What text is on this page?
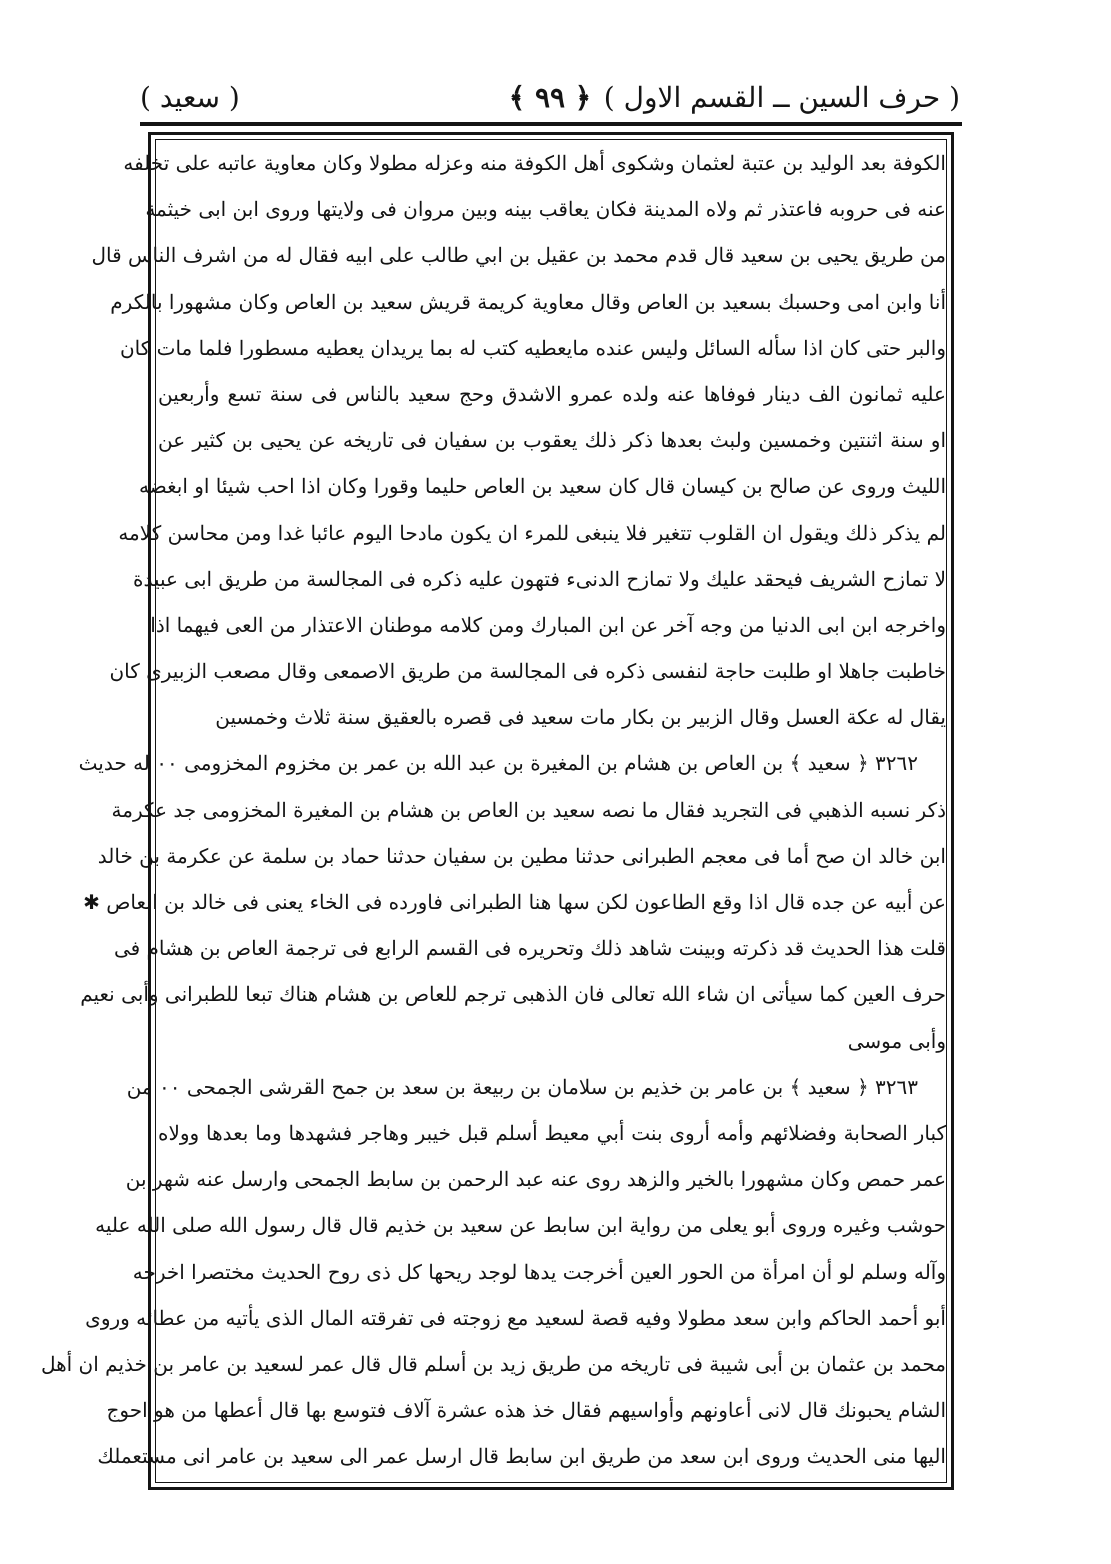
( حرف السين ــ القسم الاول )
﴿ ٩٩ ﴾
( سعيد )
الكوفة بعد الوليد بن عتبة لعثمان وشكوى أهل الكوفة منه وعزله مطولا وكان معاوية عاتبه على تخلفه
عنه فى حروبه فاعتذر ثم ولاه المدينة فكان يعاقب بينه وبين مروان فى ولايتها وروى ابن ابى خيثمة
من طريق يحيى بن سعيد قال قدم محمد بن عقيل بن ابي طالب على ابيه فقال له من اشرف الناس قال
أنا وابن امى وحسبك بسعيد بن العاص وقال معاوية كريمة قريش سعيد بن العاص وكان مشهورا بالكرم
والبر حتى كان اذا سأله السائل وليس عنده مايعطيه كتب له بما يريدان يعطيه مسطورا فلما مات كان
عليه ثمانون الف دينار فوفاها عنه ولده عمرو الاشدق وحج سعيد بالناس فى سنة تسع وأربعين
او سنة اثنتين وخمسين ولبث بعدها ذكر ذلك يعقوب بن سفيان فى تاريخه عن يحيى بن كثير عن
الليث وروى عن صالح بن كيسان قال كان سعيد بن العاص حليما وقورا وكان اذا احب شيئا او ابغضه
لم يذكر ذلك ويقول ان القلوب تتغير فلا ينبغى للمرء ان يكون مادحا اليوم عائبا غدا ومن محاسن كلامه
لا تمازح الشريف فيحقد عليك ولا تمازح الدنىء فتهون عليه ذكره فى المجالسة من طريق ابى عبيدة
واخرجه ابن ابى الدنيا من وجه آخر عن ابن المبارك ومن كلامه موطنان الاعتذار من العى فيهما اذا
خاطبت جاهلا او طلبت حاجة لنفسى ذكره فى المجالسة من طريق الاصمعى وقال مصعب الزبيرى كان
يقال له عكة العسل وقال الزبير بن بكار مات سعيد فى قصره بالعقيق سنة ثلاث وخمسين
٣٢٦٢ ﴿ سعيد ﴾ بن العاص بن هشام بن المغيرة بن عبد الله بن عمر بن مخزوم المخزومى ٠٠ له حديث
ذكر نسبه الذهبي فى التجريد فقال ما نصه سعيد بن العاص بن هشام بن المغيرة المخزومى جد عكرمة
ابن خالد ان صح أما فى معجم الطبرانى حدثنا مطين بن سفيان حدثنا حماد بن سلمة عن عكرمة بن خالد
عن أبيه عن جده قال اذا وقع الطاعون لكن سها هنا الطبرانى فاورده فى الخاء يعنى فى خالد بن العاص ✱
قلت هذا الحديث قد ذكرته وبينت شاهد ذلك وتحريره فى القسم الرابع فى ترجمة العاص بن هشام فى
حرف العين كما سيأتى ان شاء الله تعالى فان الذهبى ترجم للعاص بن هشام هناك تبعا للطبرانى وأبى نعيم
وأبى موسى
٣٢٦٣ ﴿ سعيد ﴾ بن عامر بن خذيم بن سلامان بن ربيعة بن سعد بن جمح القرشى الجمحى ٠٠ من
كبار الصحابة وفضلائهم وأمه أروى بنت أبي معيط أسلم قبل خيبر وهاجر فشهدها وما بعدها وولاه
عمر حمص وكان مشهورا بالخير والزهد روى عنه عبد الرحمن بن سابط الجمحى وارسل عنه شهر بن
حوشب وغيره وروى أبو يعلى من رواية ابن سابط عن سعيد بن خذيم قال قال رسول الله صلى الله عليه
وآله وسلم لو أن امرأة من الحور العين أخرجت يدها لوجد ريحها كل ذى روح الحديث مختصرا اخرجه
أبو أحمد الحاكم وابن سعد مطولا وفيه قصة لسعيد مع زوجته فى تفرقته المال الذى يأتيه من عطائه وروى
محمد بن عثمان بن أبى شيبة فى تاريخه من طريق زيد بن أسلم قال قال عمر لسعيد بن عامر بن خذيم ان أهل
الشام يحبونك قال لانى أعاونهم وأواسيهم فقال خذ هذه عشرة آلاف فتوسع بها قال أعطها من هو احوج
اليها منى الحديث وروى ابن سعد من طريق ابن سابط قال ارسل عمر الى سعيد بن عامر انى مستعملك
